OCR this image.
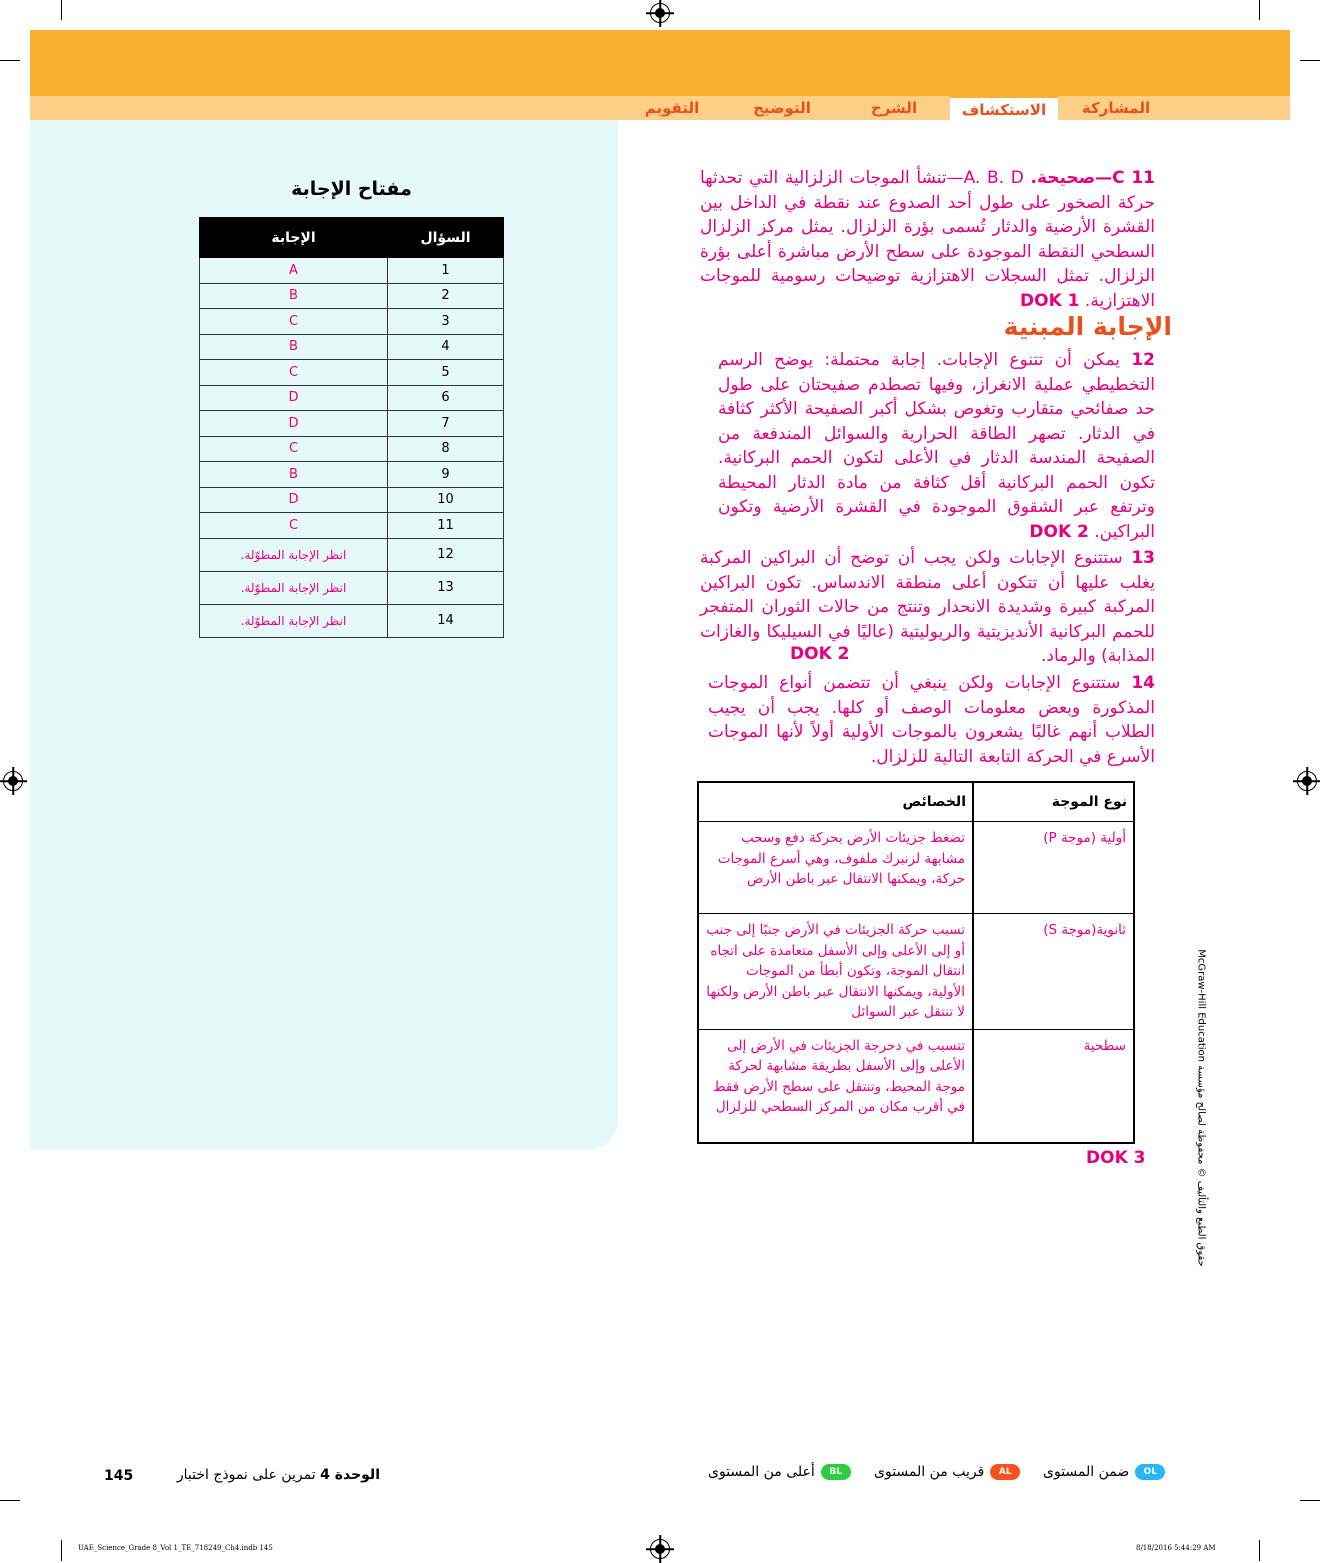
المشاركة
الاستكشاف
الشرح
التوضيح
التقويم
مفتاح الإجابة
الإجابة	السؤال
A	1
B	2
C	3
B	4
C	5
D	6
D	7
C	8
B	9
D	10
C	11
انظر الإجابة المطوّلة.	12
انظر الإجابة المطوّلة.	13
انظر الإجابة المطوّلة.	14
11 C—صحيحة. A. B. D—تنشأ الموجات الزلزالية التي تحدثها حركة الصخور على طول أحد الصدوع عند نقطة في الداخل بين القشرة الأرضية والدثار تُسمى بؤرة الزلزال. يمثل مركز الزلزال السطحي النقطة الموجودة على سطح الأرض مباشرة أعلى بؤرة الزلزال. تمثل السجلات الاهتزازية توضيحات رسومية للموجات الاهتزازية. DOK 1
الإجابة المبنية
12 يمكن أن تتنوع الإجابات. إجابة محتملة: يوضح الرسم التخطيطي عملية الانغراز، وفيها تصطدم صفيحتان على طول حد صفائحي متقارب وتغوص بشكل أكبر الصفيحة الأكثر كثافة في الدثار. تصهر الطاقة الحرارية والسوائل المندفعة من الصفيحة المندسة الدثار في الأعلى لتكون الحمم البركانية. تكون الحمم البركانية أقل كثافة من مادة الدثار المحيطة وترتفع عبر الشقوق الموجودة في القشرة الأرضية وتكون البراكين. DOK 2
13 ستتنوع الإجابات ولكن يجب أن توضح أن البراكين المركبة يغلب عليها أن تتكون أعلى منطقة الاندساس. تكون البراكين المركبة كبيرة وشديدة الانحدار وتنتج من حالات الثوران المتفجر للحمم البركانية الأنديزيتية والريوليتية (عاليًا في السيليكا والغازات المذابة) والرماد.
DOK 2
14 ستتنوع الإجابات ولكن ينبغي أن تتضمن أنواع الموجات المذكورة وبعض معلومات الوصف أو كلها. يجب أن يجيب الطلاب أنهم غالبًا يشعرون بالموجات الأولية أولاً لأنها الموجات الأسرع في الحركة التابعة التالية للزلزال.
نوع الموجة	الخصائص
أولية (موجة P)	تضغط جزيئات الأرض بحركة دفع وسحب مشابهة لزنبرك ملفوف، وهي أسرع الموجات حركة، ويمكنها الانتقال عبر باطن الأرض
ثانوية(موجة S)	تسبب حركة الجزيئات في الأرض جنبًا إلى جنب أو إلى الأعلى وإلى الأسفل متعامدة على اتجاه انتقال الموجة، وتكون أبطأ من الموجات الأولية، ويمكنها الانتقال عبر باطن الأرض ولكنها لا تنتقل عبر السوائل
سطحية	تتسبب في دحرجة الجزيئات في الأرض إلى الأعلى وإلى الأسفل بطريقة مشابهة لحركة موجة المحيط، وتنتقل على سطح الأرض فقط في أقرب مكان من المركز السطحي للزلزال
DOK 3
حقوق الطبع والتأليف © محفوظة لصالح مؤسسة McGraw-Hill Education
OLضمن المستوى
ALقريب من المستوى
BLأعلى من المستوى
الوحدة 4 تمرين على نموذج اختبار
145
UAE_Science_Grade 8_Vol 1_TE_718249_Ch4.indb 145	8/18/2016 5:44:29 AM
